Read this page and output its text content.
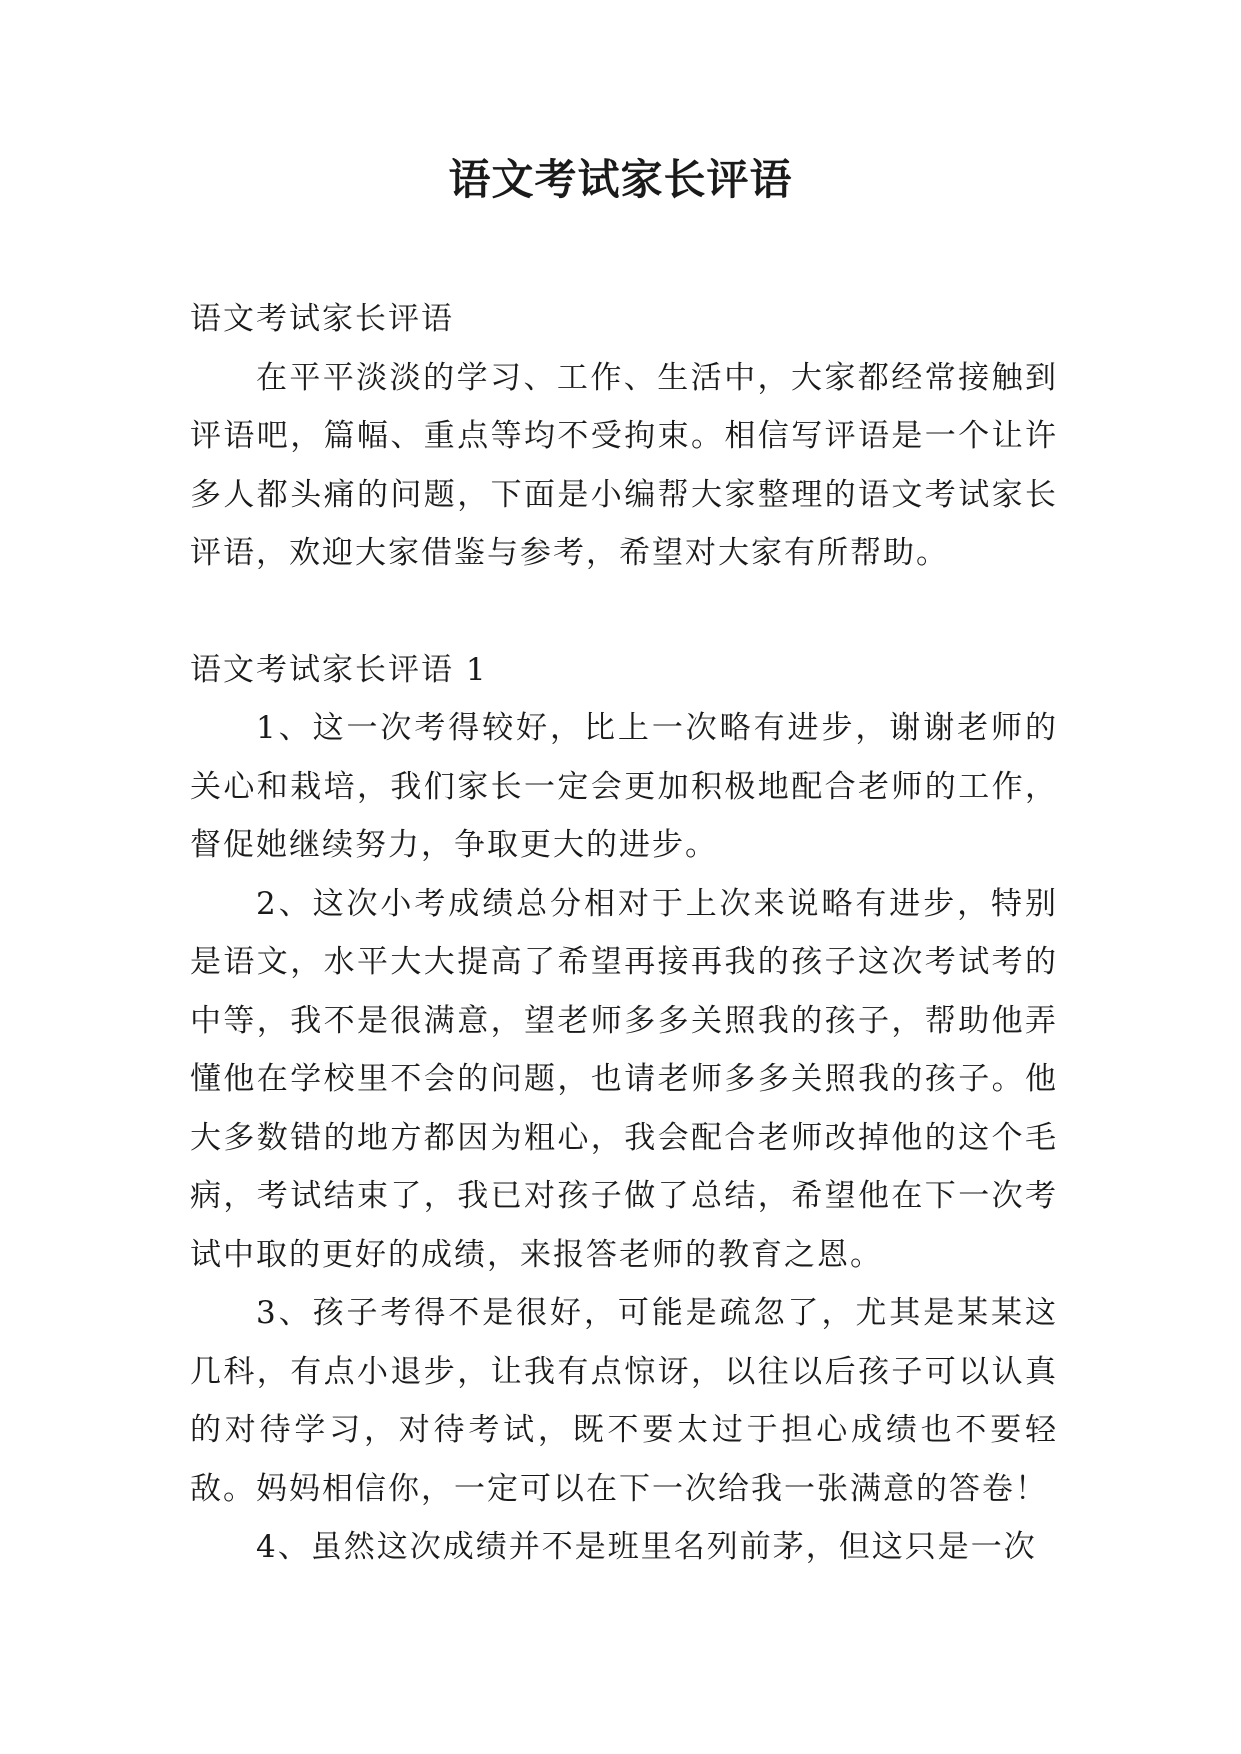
语文考试家长评语

语文考试家长评语

在平平淡淡的学习、工作、生活中，大家都经常接触到评语吧，篇幅、重点等均不受拘束。相信写评语是一个让许多人都头痛的问题，下面是小编帮大家整理的语文考试家长评语，欢迎大家借鉴与参考，希望对大家有所帮助。

语文考试家长评语 1

1、这一次考得较好，比上一次略有进步，谢谢老师的关心和栽培，我们家长一定会更加积极地配合老师的工作，督促她继续努力，争取更大的进步。

2、这次小考成绩总分相对于上次来说略有进步，特别是语文，水平大大提高了希望再接再我的孩子这次考试考的中等，我不是很满意，望老师多多关照我的孩子，帮助他弄懂他在学校里不会的问题，也请老师多多关照我的孩子。他大多数错的地方都因为粗心，我会配合老师改掉他的这个毛病，考试结束了，我已对孩子做了总结，希望他在下一次考试中取的更好的成绩，来报答老师的教育之恩。

3、孩子考得不是很好，可能是疏忽了，尤其是某某这几科，有点小退步，让我有点惊讶，以往以后孩子可以认真的对待学习，对待考试，既不要太过于担心成绩也不要轻敌。妈妈相信你，一定可以在下一次给我一张满意的答卷！

4、虽然这次成绩并不是班里名列前茅，但这只是一次
